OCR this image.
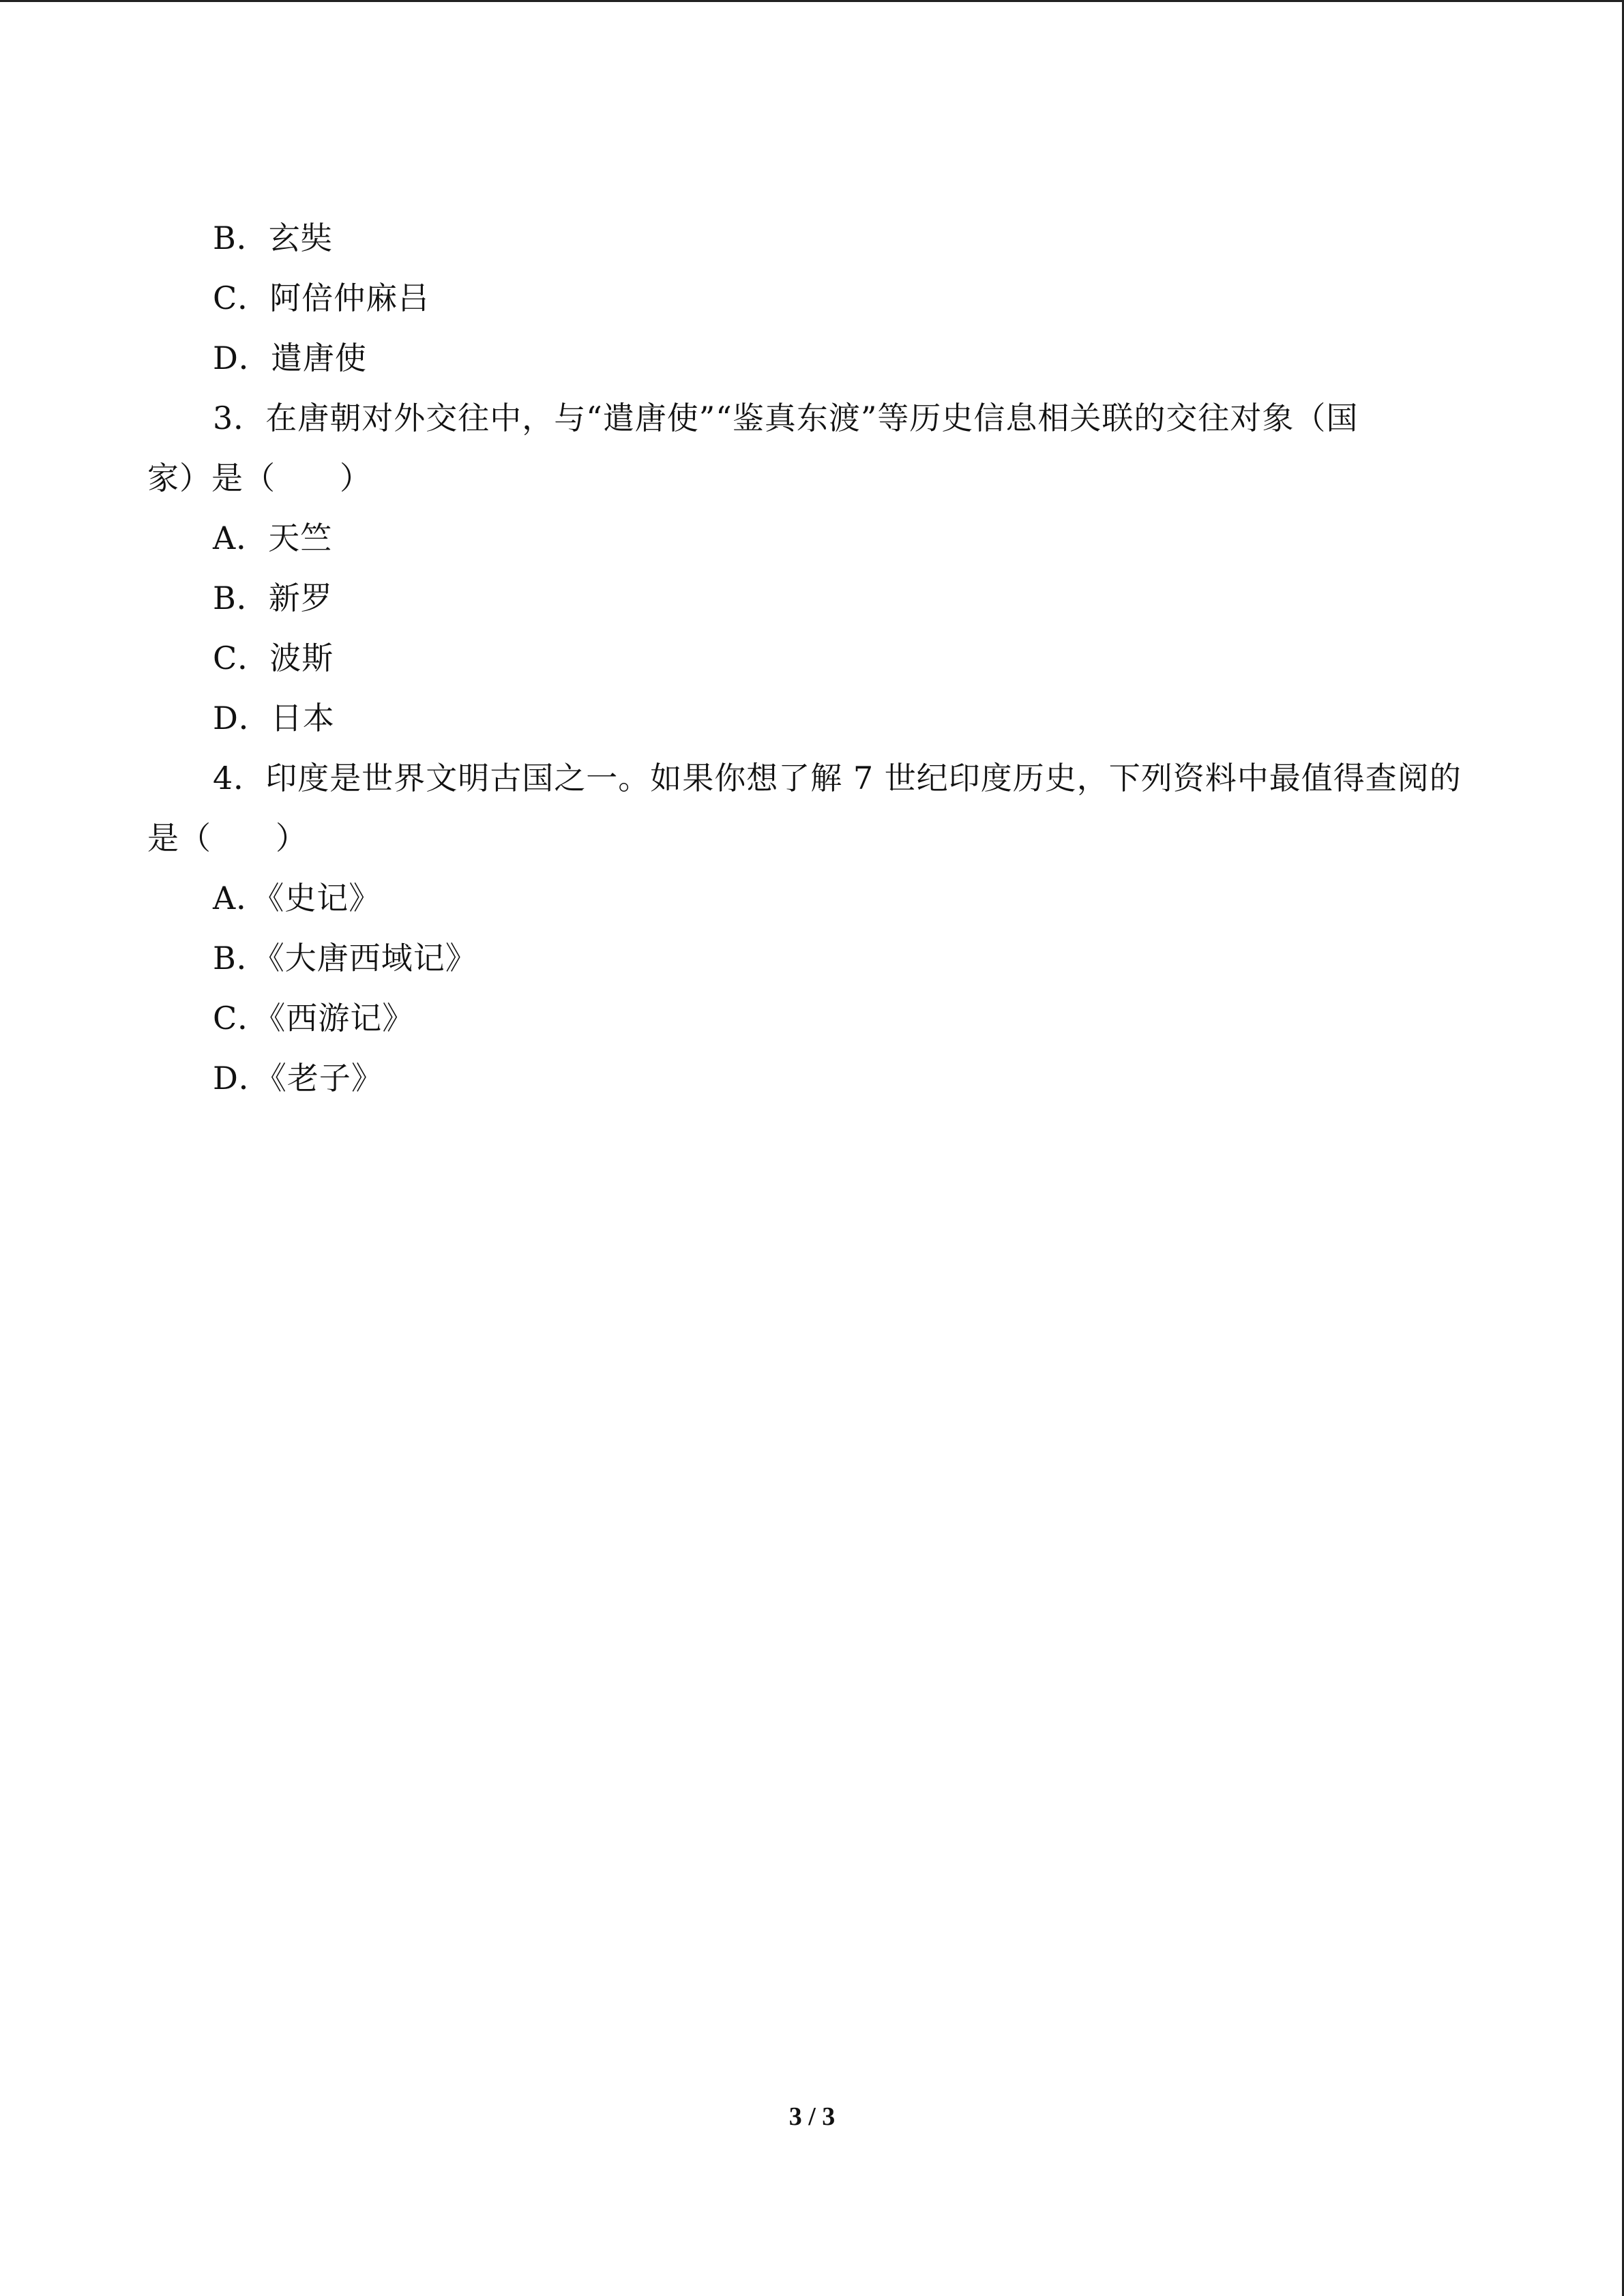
B．玄奘
C．阿倍仲麻吕
D．遣唐使
3．在唐朝对外交往中，与“遣唐使”“鉴真东渡”等历史信息相关联的交往对象（国
家）是（　　）
A．天竺
B．新罗
C．波斯
D．日本
4．印度是世界文明古国之一。如果你想了解 7 世纪印度历史，下列资料中最值得查阅的
是（　　）
A．《史记》
B．《大唐西域记》
C．《西游记》
D．《老子》
3 / 3
